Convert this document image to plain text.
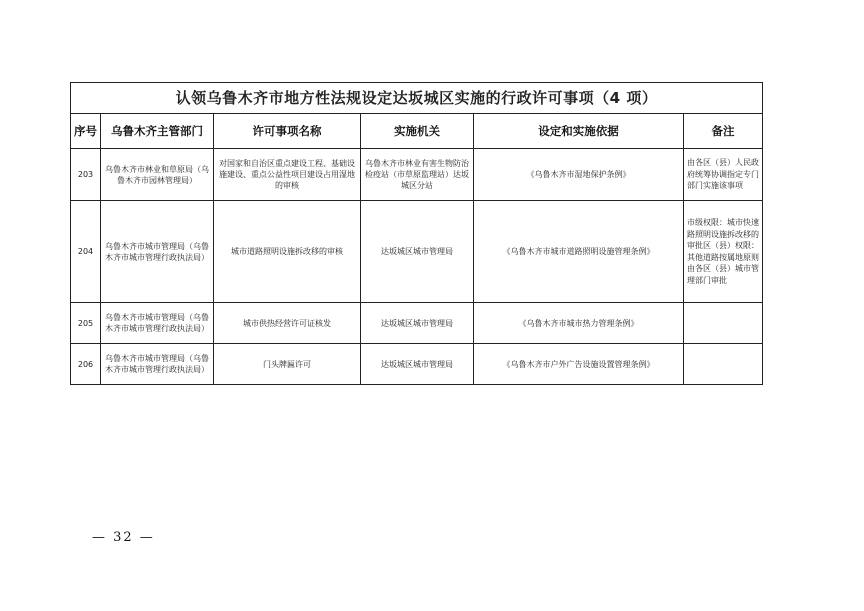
认领乌鲁木齐市地方性法规设定达坂城区实施的行政许可事项（4 项）					
序号	乌鲁木齐主管部门	许可事项名称	实施机关	设定和实施依据	备注
203	乌鲁木齐市林业和草原局（乌鲁木齐市园林管理局）	对国家和自治区重点建设工程、基础设施建设、重点公益性项目建设占用湿地的审核	乌鲁木齐市林业有害生物防治检疫站（市草原监理站）达坂城区分站	《乌鲁木齐市湿地保护条例》	由各区（县）人民政府统筹协调指定专门部门实施该事项
204	乌鲁木齐市城市管理局（乌鲁木齐市城市管理行政执法局）	城市道路照明设施拆改移的审核	达坂城区城市管理局	《乌鲁木齐市城市道路照明设施管理条例》	市级权限：城市快速路照明设施拆改移的审批区（县）权限：其他道路按属地原则由各区（县）城市管理部门审批
205	乌鲁木齐市城市管理局（乌鲁木齐市城市管理行政执法局）	城市供热经营许可证核发	达坂城区城市管理局	《乌鲁木齐市城市热力管理条例》	
206	乌鲁木齐市城市管理局（乌鲁木齐市城市管理行政执法局）	门头牌匾许可	达坂城区城市管理局	《乌鲁木齐市户外广告设施设置管理条例》	
— 32 —
